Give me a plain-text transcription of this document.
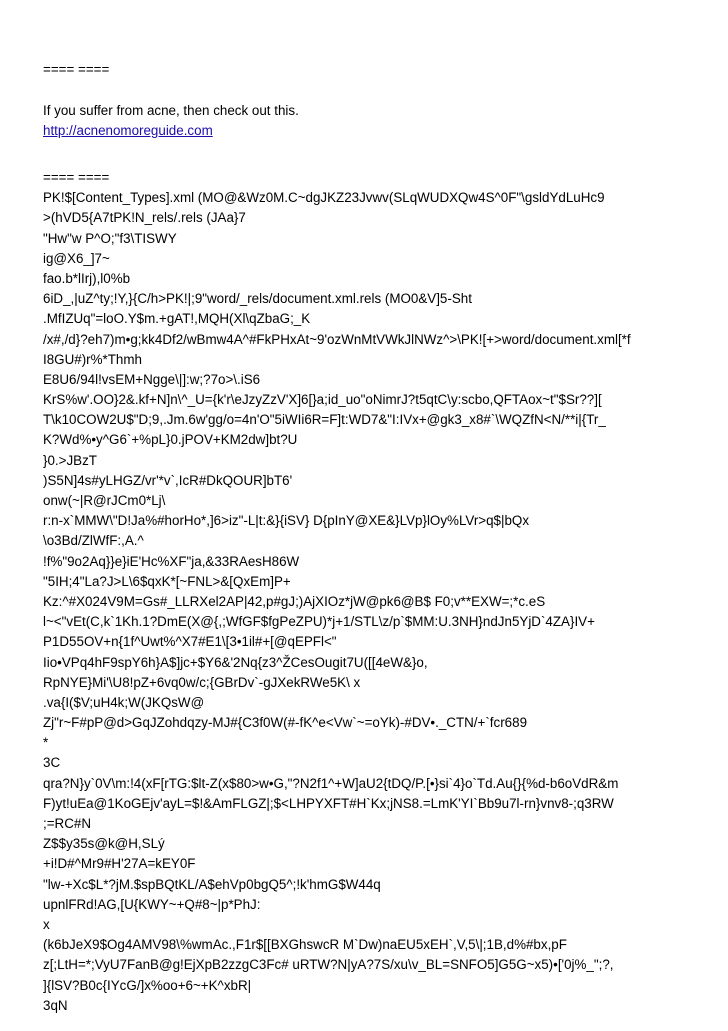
==== ====
If you suffer from acne, then check out this.
http://acnenomoreguide.com
==== ====
PK!$[Content_Types].xml (MO@&Wz0M.C~dgJKZ23Jvwv(SLqWUDXQw4S^0F"\gsldYdLuHc9
>(hVD5{A7tPK!N_rels/.rels (JAa}7
"Hw"w P^O;"f3\TISWY
ig@X6_]7~
fao.b*lIrj),l0%b
6iD_,|uZ^ty;!Y,}{C/h>PK!|;9"word/_rels/document.xml.rels (MO0&V]5-Sht
.MfIZUq"=loO.Y$m.+gAT!,MQH(Xl\qZbaG;_K
/x#,/d}?eh7)m•g;kk4Df2/wBmw4A^#FkPHxAt~9'ozWnMtVWkJlNWz^>\PK![+>word/document.xml[*f
I8GU#)r%*Thmh
E8U6/94l!vsEM+Ngge\|]:w;?7o>\.iS6
KrS%w'.OO}2&.kf+N]n\^_U={k'r\eJzyZzV'X]6[}a;id_uo"oNimrJ?t5qtC\y:scbo,QFTAox~t"$Sr??][
T\k10COW2U$"D;9,.Jm.6w'gg/o=4n'O"5iWIi6R=F]t:WD7&"I:IVx+@gk3_x8#`\WQZfN<N/**i|{Tr_
K?Wd%•y^G6`+%pL}0.jPOV+KM2dw]bt?U
}0.>JBzT
)S5N]4s#yLHGZ/vr'*v`,IcR#DkQOUR]bT6'
onw(~|R@rJCm0*Lj\
r:n-x`MMW\"D!Ja%#horHo*,]6>iz"-L|t:&}{iSV} D{pInY@XE&}LVp}lOy%LVr>q$|bQx
\o3Bd/ZlWfF:,A.^
!f%"9o2Aq}}e}iE'Hc%XF"ja,&33RAesH86W
"5IH;4"La?J>L\6$qxK*[~FNL>&[QxEm]P+
Kz:^#X024V9M=Gs#_LLRXel2AP|42,p#gJ;)AjXIOz*jW@pk6@B$ F0;v**EXW=;*c.eS
l~<"vEt(C,k`1Kh.1?DmE(X@{,;WfGF$fgPeZPU)*j+1/STL\z/p`$MM:U.3NH}ndJn5YjD`4ZA}IV+
P1D55OV+n{1f^Uwt%^X7#E1\[3•1il#+[@qEPFl<"
Iio•VPq4hF9spY6h}A$]jc+$Y6&'2Nq{z3^ŽCesOugit7U([[4eW&}o,
RpNYE}Mi'\U8!pZ+6vq0w/c;{GBrDv`-gJXekRWe5K\ x
.va{I($V;uH4k;W(JKQsW@
Zj"r~F#pP@d>GqJZohdqzy-MJ#{C3f0W(#-fK^e<Vw`~=oYk)-#DV•._CTN/+`fcr689
*
3C
qra?N}y`0V\m:!4(xF[rTG:$lt-Z(x$80>w•G,"?N2f1^+W]aU2{tDQ/P.[•}si`4}o`Td.Au{}{%d-b6oVdR&m
F)yt!uEa@1KoGEjv'ayL=$!&AmFLGZ|;$<LHPYXFT#H`Kx;jNS8.=LmK'YI`Bb9u7l-rn}vnv8-;q3RW
;=RC#N
Z$$y35s@k@H,SLý
+i!D#^Mr9#H'27A=kEY0F
"lw-+Xc$L*?jM.$spBQtKL/A$ehVp0bgQ5^;!k'hmG$W44q
upnlFRd!AG,[U{KWY~+Q#8~|p*PhJ:
x
(k6bJeX9$Og4AMV98\%wmAc.,F1r$[[BXGhswcR M`Dw)naEU5xEH`,V,5\|;1B,d%#bx,pF
z[;LtH=*;VyU7FanB@g!EjXpB2zzgC3Fc# uRTW?N|yA?7S/xu\v_BL=SNFO5]G5G~x5)•['0j%_";?,
]{lSV?B0c{IYcG/]x%oo+6~+K^xbR|
3qN
